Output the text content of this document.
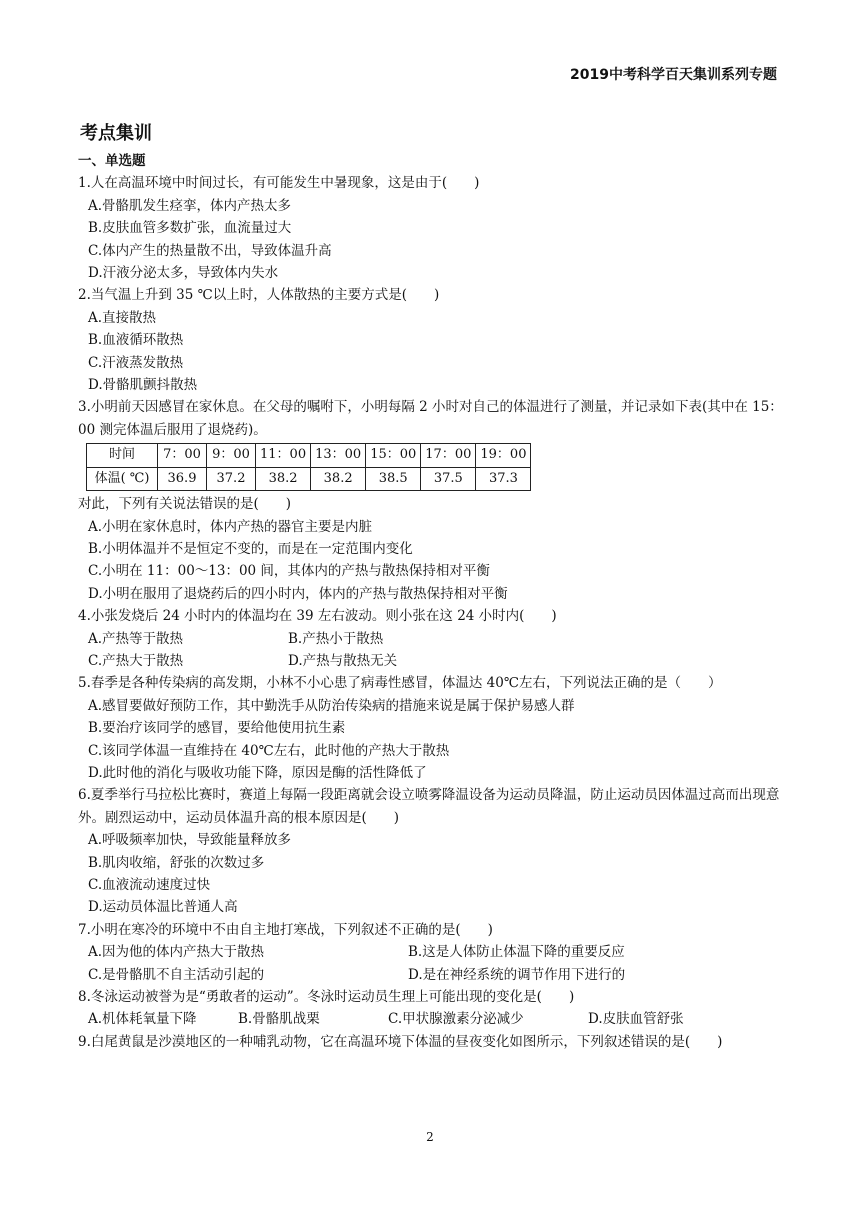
2019中考科学百天集训系列专题
考点集训
一、单选题
1.人在高温环境中时间过长，有可能发生中暑现象，这是由于(　　)
A.骨骼肌发生痉挛，体内产热太多
B.皮肤血管多数扩张，血流量过大
C.体内产生的热量散不出，导致体温升高
D.汗液分泌太多，导致体内失水
2.当气温上升到 35 ℃以上时，人体散热的主要方式是(　　)
A.直接散热
B.血液循环散热
C.汗液蒸发散热
D.骨骼肌颤抖散热
3.小明前天因感冒在家休息。在父母的嘱咐下，小明每隔 2 小时对自己的体温进行了测量，并记录如下表(其中在 15：00 测完体温后服用了退烧药)。
时间	7：00	9：00	11：00	13：00	15：00	17：00	19：00
体温( ℃)	36.9	37.2	38.2	38.2	38.5	37.5	37.3
对此，下列有关说法错误的是(　　)
A.小明在家休息时，体内产热的器官主要是内脏
B.小明体温并不是恒定不变的，而是在一定范围内变化
C.小明在 11：00～13：00 间，其体内的产热与散热保持相对平衡
D.小明在服用了退烧药后的四小时内，体内的产热与散热保持相对平衡
4.小张发烧后 24 小时内的体温均在 39 左右波动。则小张在这 24 小时内(　　)
A.产热等于散热	B.产热小于散热
C.产热大于散热	D.产热与散热无关
5.春季是各种传染病的高发期，小林不小心患了病毒性感冒，体温达 40℃左右，下列说法正确的是（　　）
A.感冒要做好预防工作，其中勤洗手从防治传染病的措施来说是属于保护易感人群
B.要治疗该同学的感冒，要给他使用抗生素
C.该同学体温一直维持在 40℃左右，此时他的产热大于散热
D.此时他的消化与吸收功能下降，原因是酶的活性降低了
6.夏季举行马拉松比赛时，赛道上每隔一段距离就会设立喷雾降温设备为运动员降温，防止运动员因体温过高而出现意外。剧烈运动中，运动员体温升高的根本原因是(　　)
A.呼吸频率加快，导致能量释放多
B.肌肉收缩，舒张的次数过多
C.血液流动速度过快
D.运动员体温比普通人高
7.小明在寒冷的环境中不由自主地打寒战，下列叙述不正确的是(　　)
A.因为他的体内产热大于散热	B.这是人体防止体温下降的重要反应
C.是骨骼肌不自主活动引起的	D.是在神经系统的调节作用下进行的
8.冬泳运动被誉为是“勇敢者的运动”。冬泳时运动员生理上可能出现的变化是(　　)
A.机体耗氧量下降	B.骨骼肌战栗	C.甲状腺激素分泌减少	D.皮肤血管舒张
9.白尾黄鼠是沙漠地区的一种哺乳动物，它在高温环境下体温的昼夜变化如图所示，下列叙述错误的是(　　)
2
